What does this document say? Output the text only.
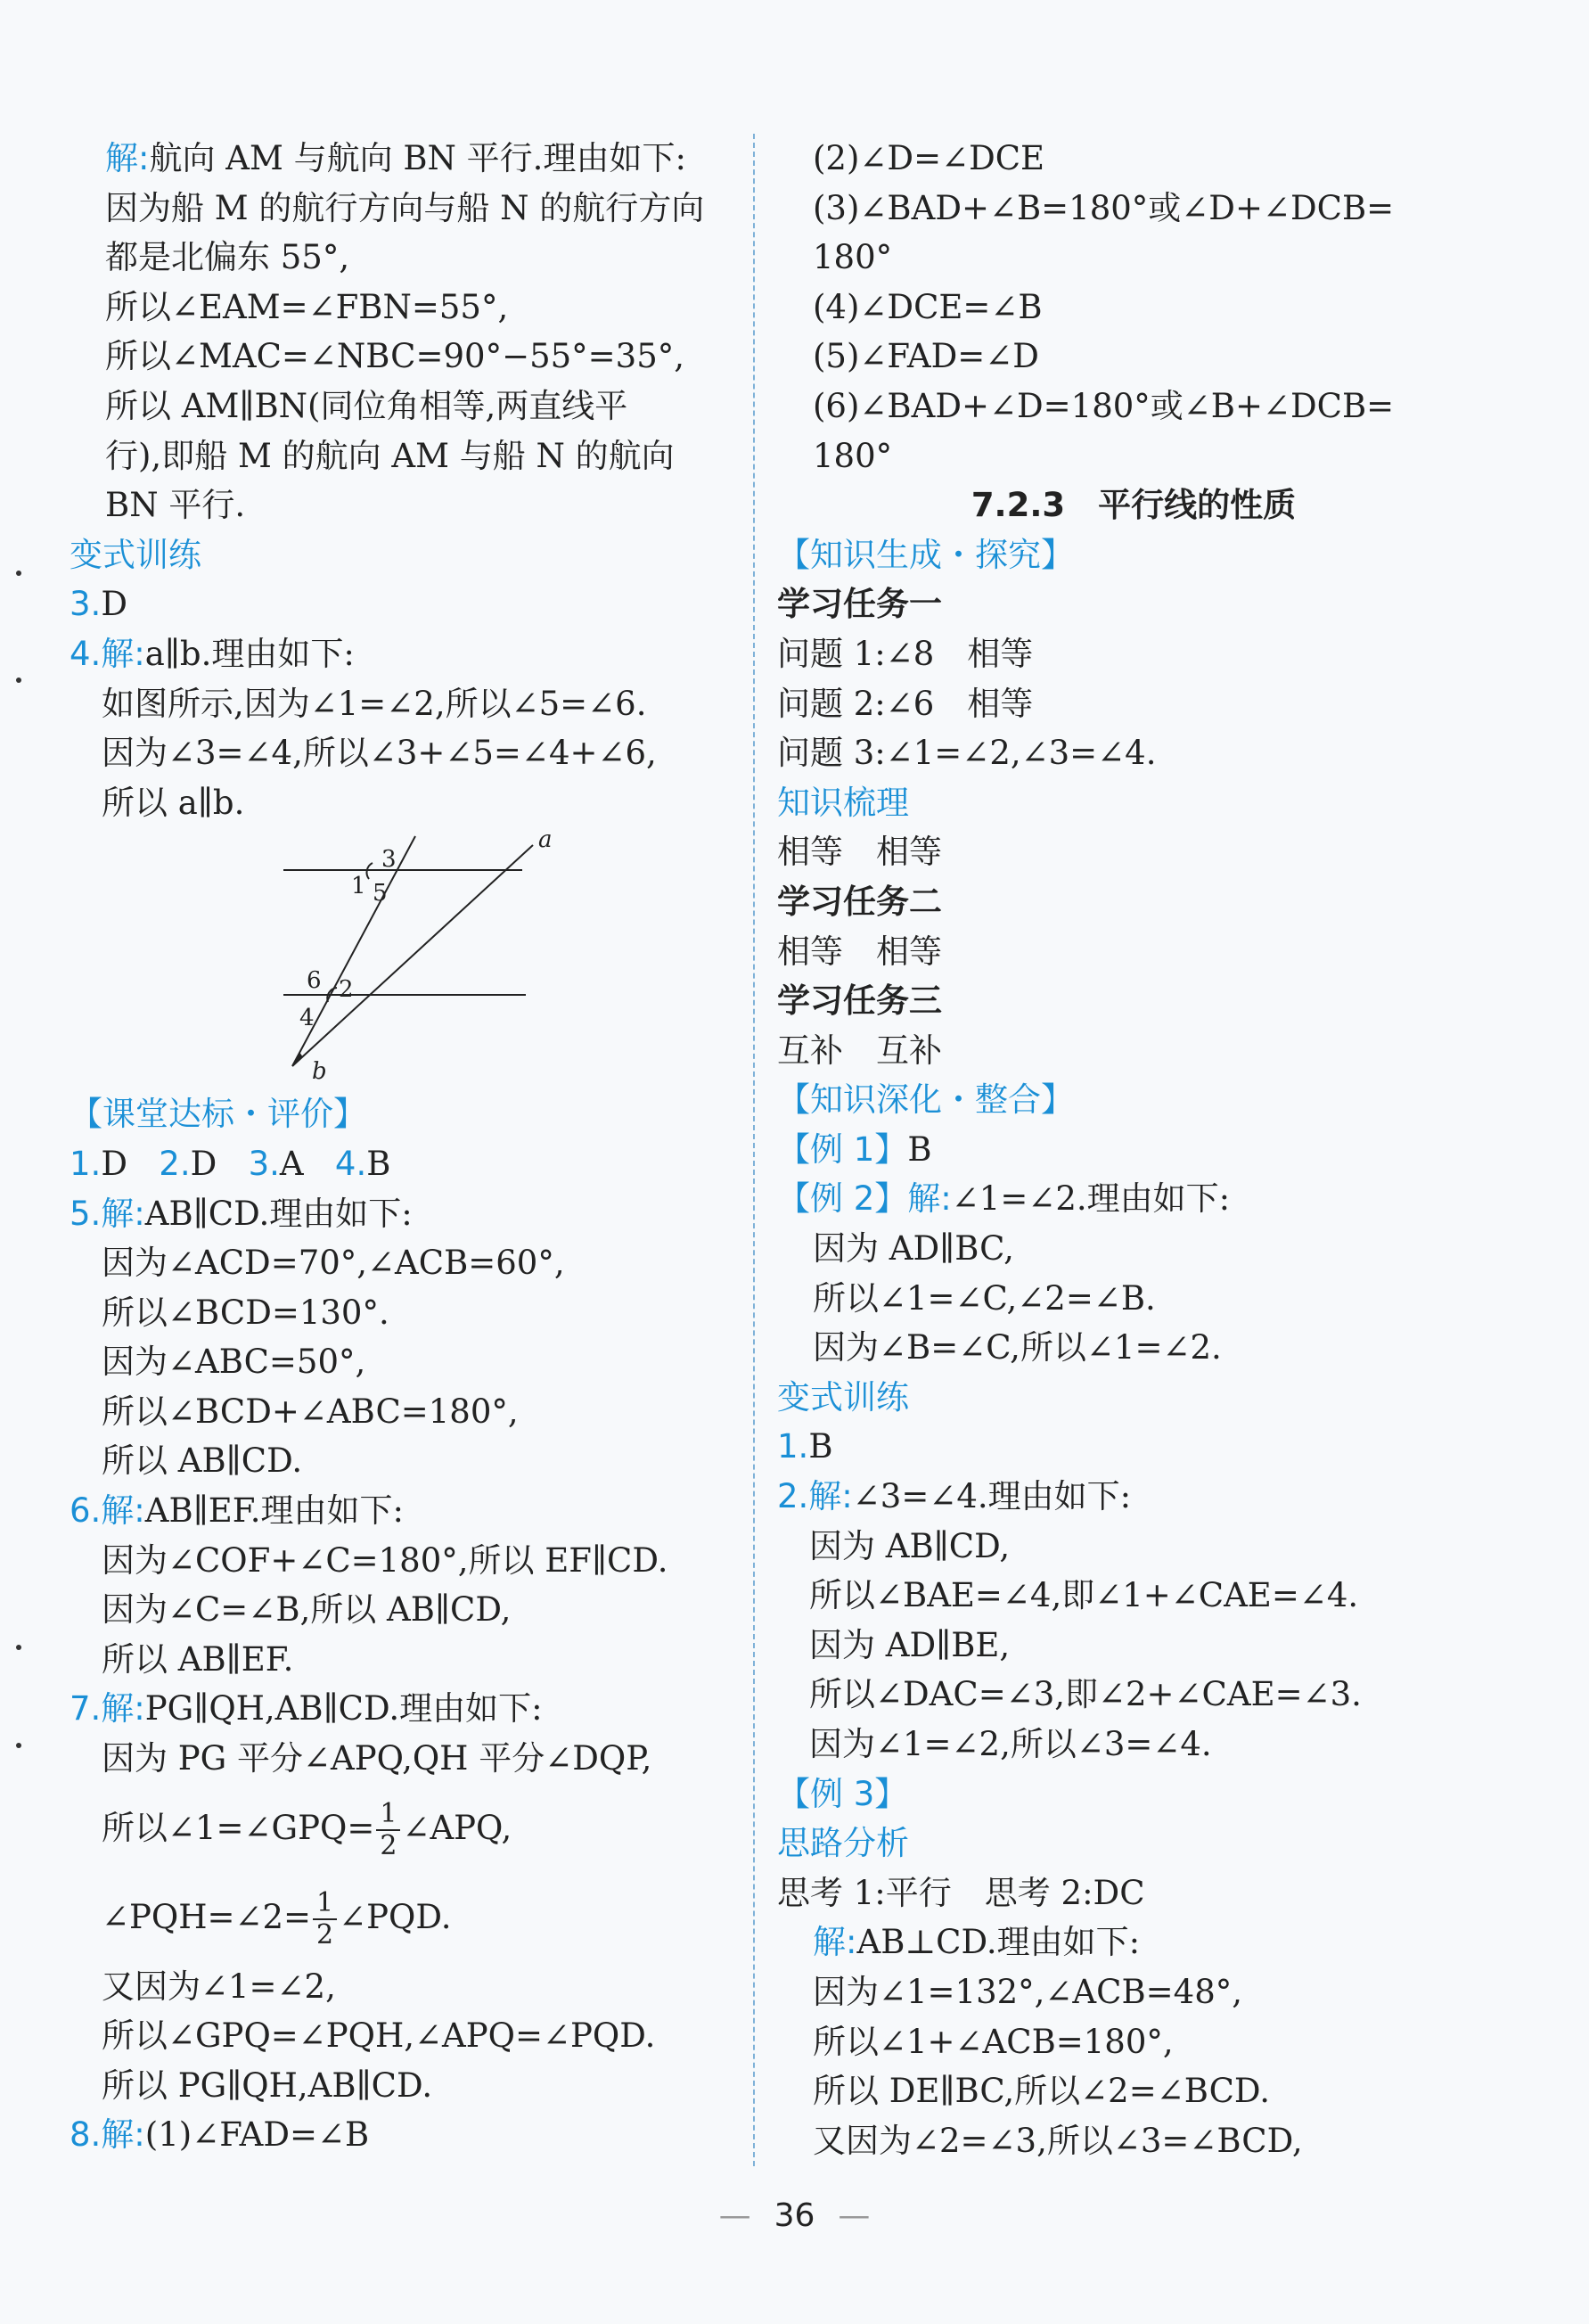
解:航向 AM 与航向 BN 平行.理由如下:
因为船 M 的航行方向与船 N 的航行方向
都是北偏东 55°,
所以∠EAM=∠FBN=55°,
所以∠MAC=∠NBC=90°−55°=35°,
所以 AM∥BN(同位角相等,两直线平
行),即船 M 的航向 AM 与船 N 的航向
BN 平行.
变式训练
3.D
4.解:a∥b.理由如下:
如图所示,因为∠1=∠2,所以∠5=∠6.
因为∠3=∠4,所以∠3+∠5=∠4+∠6,
所以 a∥b.
a
b
1
3
5
2
6
4
【课堂达标・评价】
1.D 2.D 3.A 4.B
5.解:AB∥CD.理由如下:
因为∠ACD=70°,∠ACB=60°,
所以∠BCD=130°.
因为∠ABC=50°,
所以∠BCD+∠ABC=180°,
所以 AB∥CD.
6.解:AB∥EF.理由如下:
因为∠COF+∠C=180°,所以 EF∥CD.
因为∠C=∠B,所以 AB∥CD,
所以 AB∥EF.
7.解:PG∥QH,AB∥CD.理由如下:
因为 PG 平分∠APQ,QH 平分∠DQP,
所以∠1=∠GPQ= $\frac{1}{2}$ ∠APQ,
∠PQH=∠2= $\frac{1}{2}$ ∠PQD.
又因为∠1=∠2,
所以∠GPQ=∠PQH,∠APQ=∠PQD.
所以 PG∥QH,AB∥CD.
8.解:(1)∠FAD=∠B
(2)∠D=∠DCE
(3)∠BAD+∠B=180°或∠D+∠DCB=
180°
(4)∠DCE=∠B
(5)∠FAD=∠D
(6)∠BAD+∠D=180°或∠B+∠DCB=
180°
7.2.3　平行线的性质
【知识生成・探究】
学习任务一
问题 1:∠8　相等
问题 2:∠6　相等
问题 3:∠1=∠2,∠3=∠4.
知识梳理
相等　相等
学习任务二
相等　相等
学习任务三
互补　互补
【知识深化・整合】
【例 1】B
【例 2】解:∠1=∠2.理由如下:
因为 AD∥BC,
所以∠1=∠C,∠2=∠B.
因为∠B=∠C,所以∠1=∠2.
变式训练
1.B
2.解:∠3=∠4.理由如下:
因为 AB∥CD,
所以∠BAE=∠4,即∠1+∠CAE=∠4.
因为 AD∥BE,
所以∠DAC=∠3,即∠2+∠CAE=∠3.
因为∠1=∠2,所以∠3=∠4.
【例 3】
思路分析
思考 1:平行　思考 2:DC
解:AB⊥CD.理由如下:
因为∠1=132°,∠ACB=48°,
所以∠1+∠ACB=180°,
所以 DE∥BC,所以∠2=∠BCD.
又因为∠2=∠3,所以∠3=∠BCD,
— 36 —
